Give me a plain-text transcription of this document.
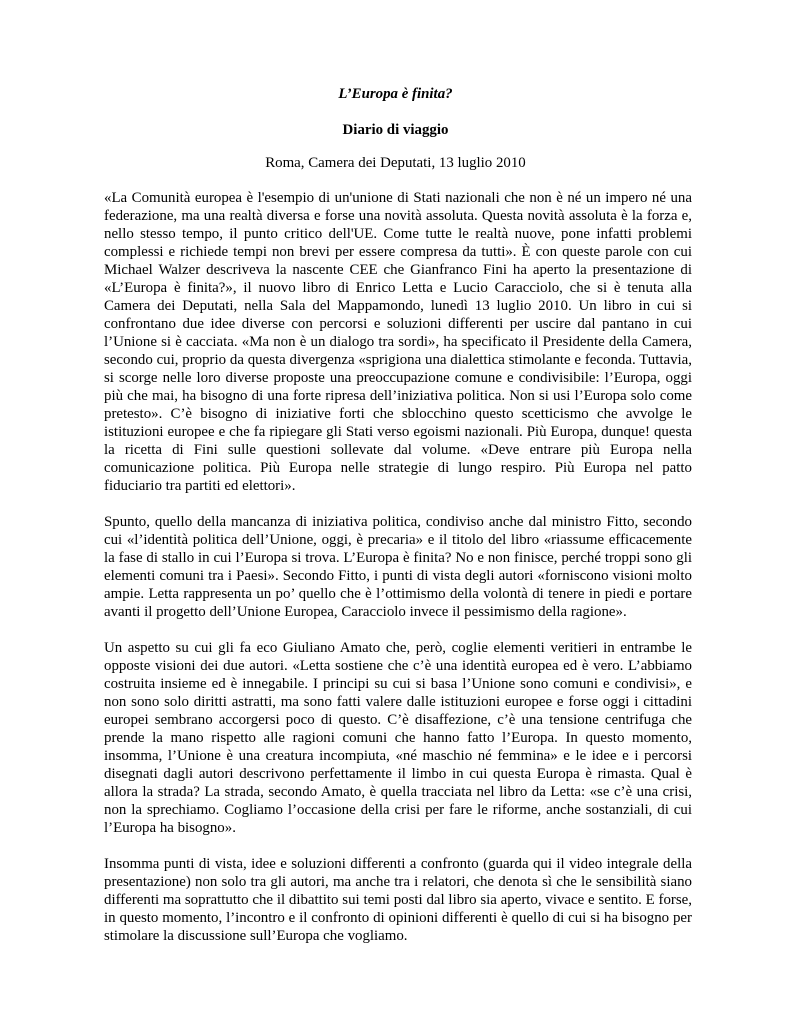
L’Europa è finita?

Diario di viaggio

Roma, Camera dei Deputati, 13 luglio 2010

«La Comunità europea è l'esempio di un'unione di Stati nazionali che non è né un impero né una federazione, ma una realtà diversa e forse una novità assoluta. Questa novità assoluta è la forza e, nello stesso tempo, il punto critico dell'UE. Come tutte le realtà nuove, pone infatti problemi complessi e richiede tempi non brevi per essere compresa da tutti». È con queste parole con cui Michael Walzer descriveva la nascente CEE che Gianfranco Fini ha aperto la presentazione di «L’Europa è finita?», il nuovo libro di Enrico Letta e Lucio Caracciolo, che si è tenuta alla Camera dei Deputati, nella Sala del Mappamondo, lunedì 13 luglio 2010. Un libro in cui si confrontano due idee diverse con percorsi e soluzioni differenti per uscire dal pantano in cui l’Unione si è cacciata. «Ma non è un dialogo tra sordi», ha specificato il Presidente della Camera, secondo cui, proprio da questa divergenza «sprigiona una dialettica stimolante e feconda. Tuttavia, si scorge nelle loro diverse proposte una preoccupazione comune e condivisibile: l’Europa, oggi più che mai, ha bisogno di una forte ripresa dell’iniziativa politica. Non si usi l’Europa solo come pretesto». C’è bisogno di iniziative forti che sblocchino questo scetticismo che avvolge le istituzioni europee e che fa ripiegare gli Stati verso egoismi nazionali. Più Europa, dunque! questa la ricetta di Fini sulle questioni sollevate dal volume. «Deve entrare più Europa nella comunicazione politica. Più Europa nelle strategie di lungo respiro. Più Europa nel patto fiduciario tra partiti ed elettori».

Spunto, quello della mancanza di iniziativa politica, condiviso anche dal ministro Fitto, secondo cui «l’identità politica dell’Unione, oggi, è precaria» e il titolo del libro «riassume efficacemente la fase di stallo in cui l’Europa si trova. L’Europa è finita? No e non finisce, perché troppi sono gli elementi comuni tra i Paesi». Secondo Fitto, i punti di vista degli autori «forniscono visioni molto ampie. Letta rappresenta un po’ quello che è l’ottimismo della volontà di tenere in piedi e portare avanti il progetto dell’Unione Europea, Caracciolo invece il pessimismo della ragione».

Un aspetto su cui gli fa eco Giuliano Amato che, però, coglie elementi veritieri in entrambe le opposte visioni dei due autori. «Letta sostiene che c’è una identità europea ed è vero. L’abbiamo costruita insieme ed è innegabile. I principi su cui si basa l’Unione sono comuni e condivisi», e non sono solo diritti astratti, ma sono fatti valere dalle istituzioni europee e forse oggi i cittadini europei sembrano accorgersi poco di questo. C’è disaffezione, c’è una tensione centrifuga che prende la mano rispetto alle ragioni comuni che hanno fatto l’Europa. In questo momento, insomma, l’Unione è una creatura incompiuta, «né maschio né femmina» e le idee e i percorsi disegnati dagli autori descrivono perfettamente il limbo in cui questa Europa è rimasta. Qual è allora la strada? La strada, secondo Amato, è quella tracciata nel libro da Letta: «se c’è una crisi, non la sprechiamo. Cogliamo l’occasione della crisi per fare le riforme, anche sostanziali, di cui l’Europa ha bisogno».

Insomma punti di vista, idee e soluzioni differenti a confronto (guarda qui il video integrale della presentazione) non solo tra gli autori, ma anche tra i relatori, che denota sì che le sensibilità siano differenti ma soprattutto che il dibattito sui temi posti dal libro sia aperto, vivace e sentito. E forse, in questo momento, l’incontro e il confronto di opinioni differenti è quello di cui si ha bisogno per stimolare la discussione sull’Europa che vogliamo.
